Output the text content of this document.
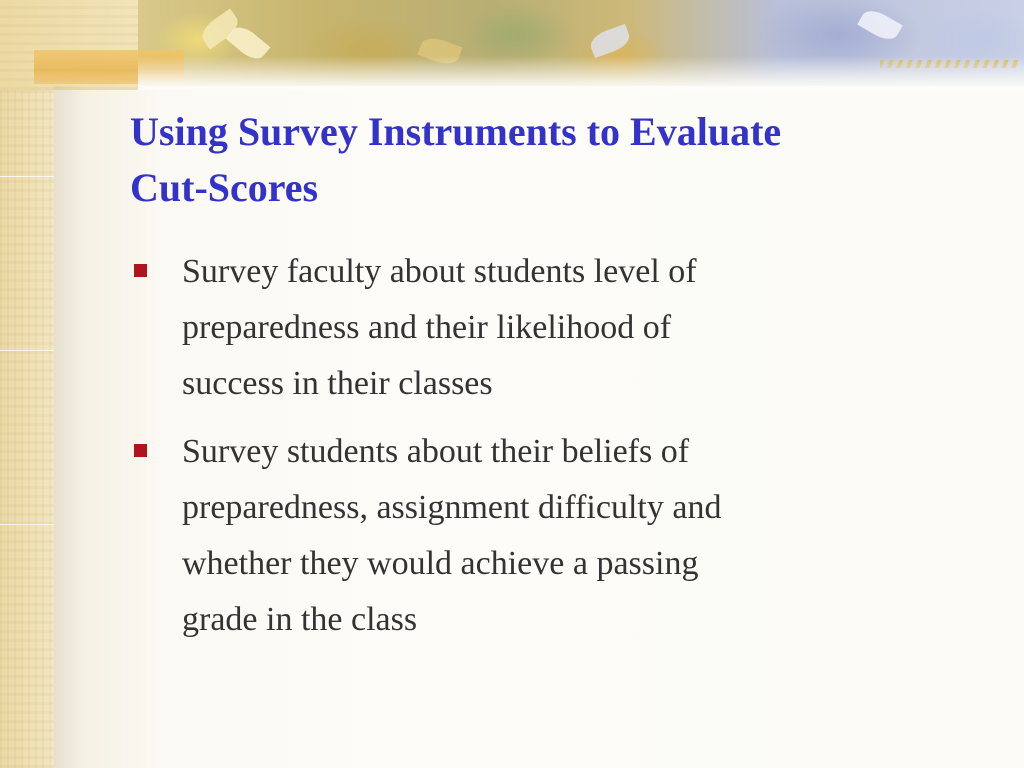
Using Survey Instruments to Evaluate
Cut-Scores
Survey faculty about students level of
preparedness and their likelihood of
success in their classes
Survey students about their beliefs of
preparedness, assignment difficulty and
whether they would achieve a passing
grade in the class
